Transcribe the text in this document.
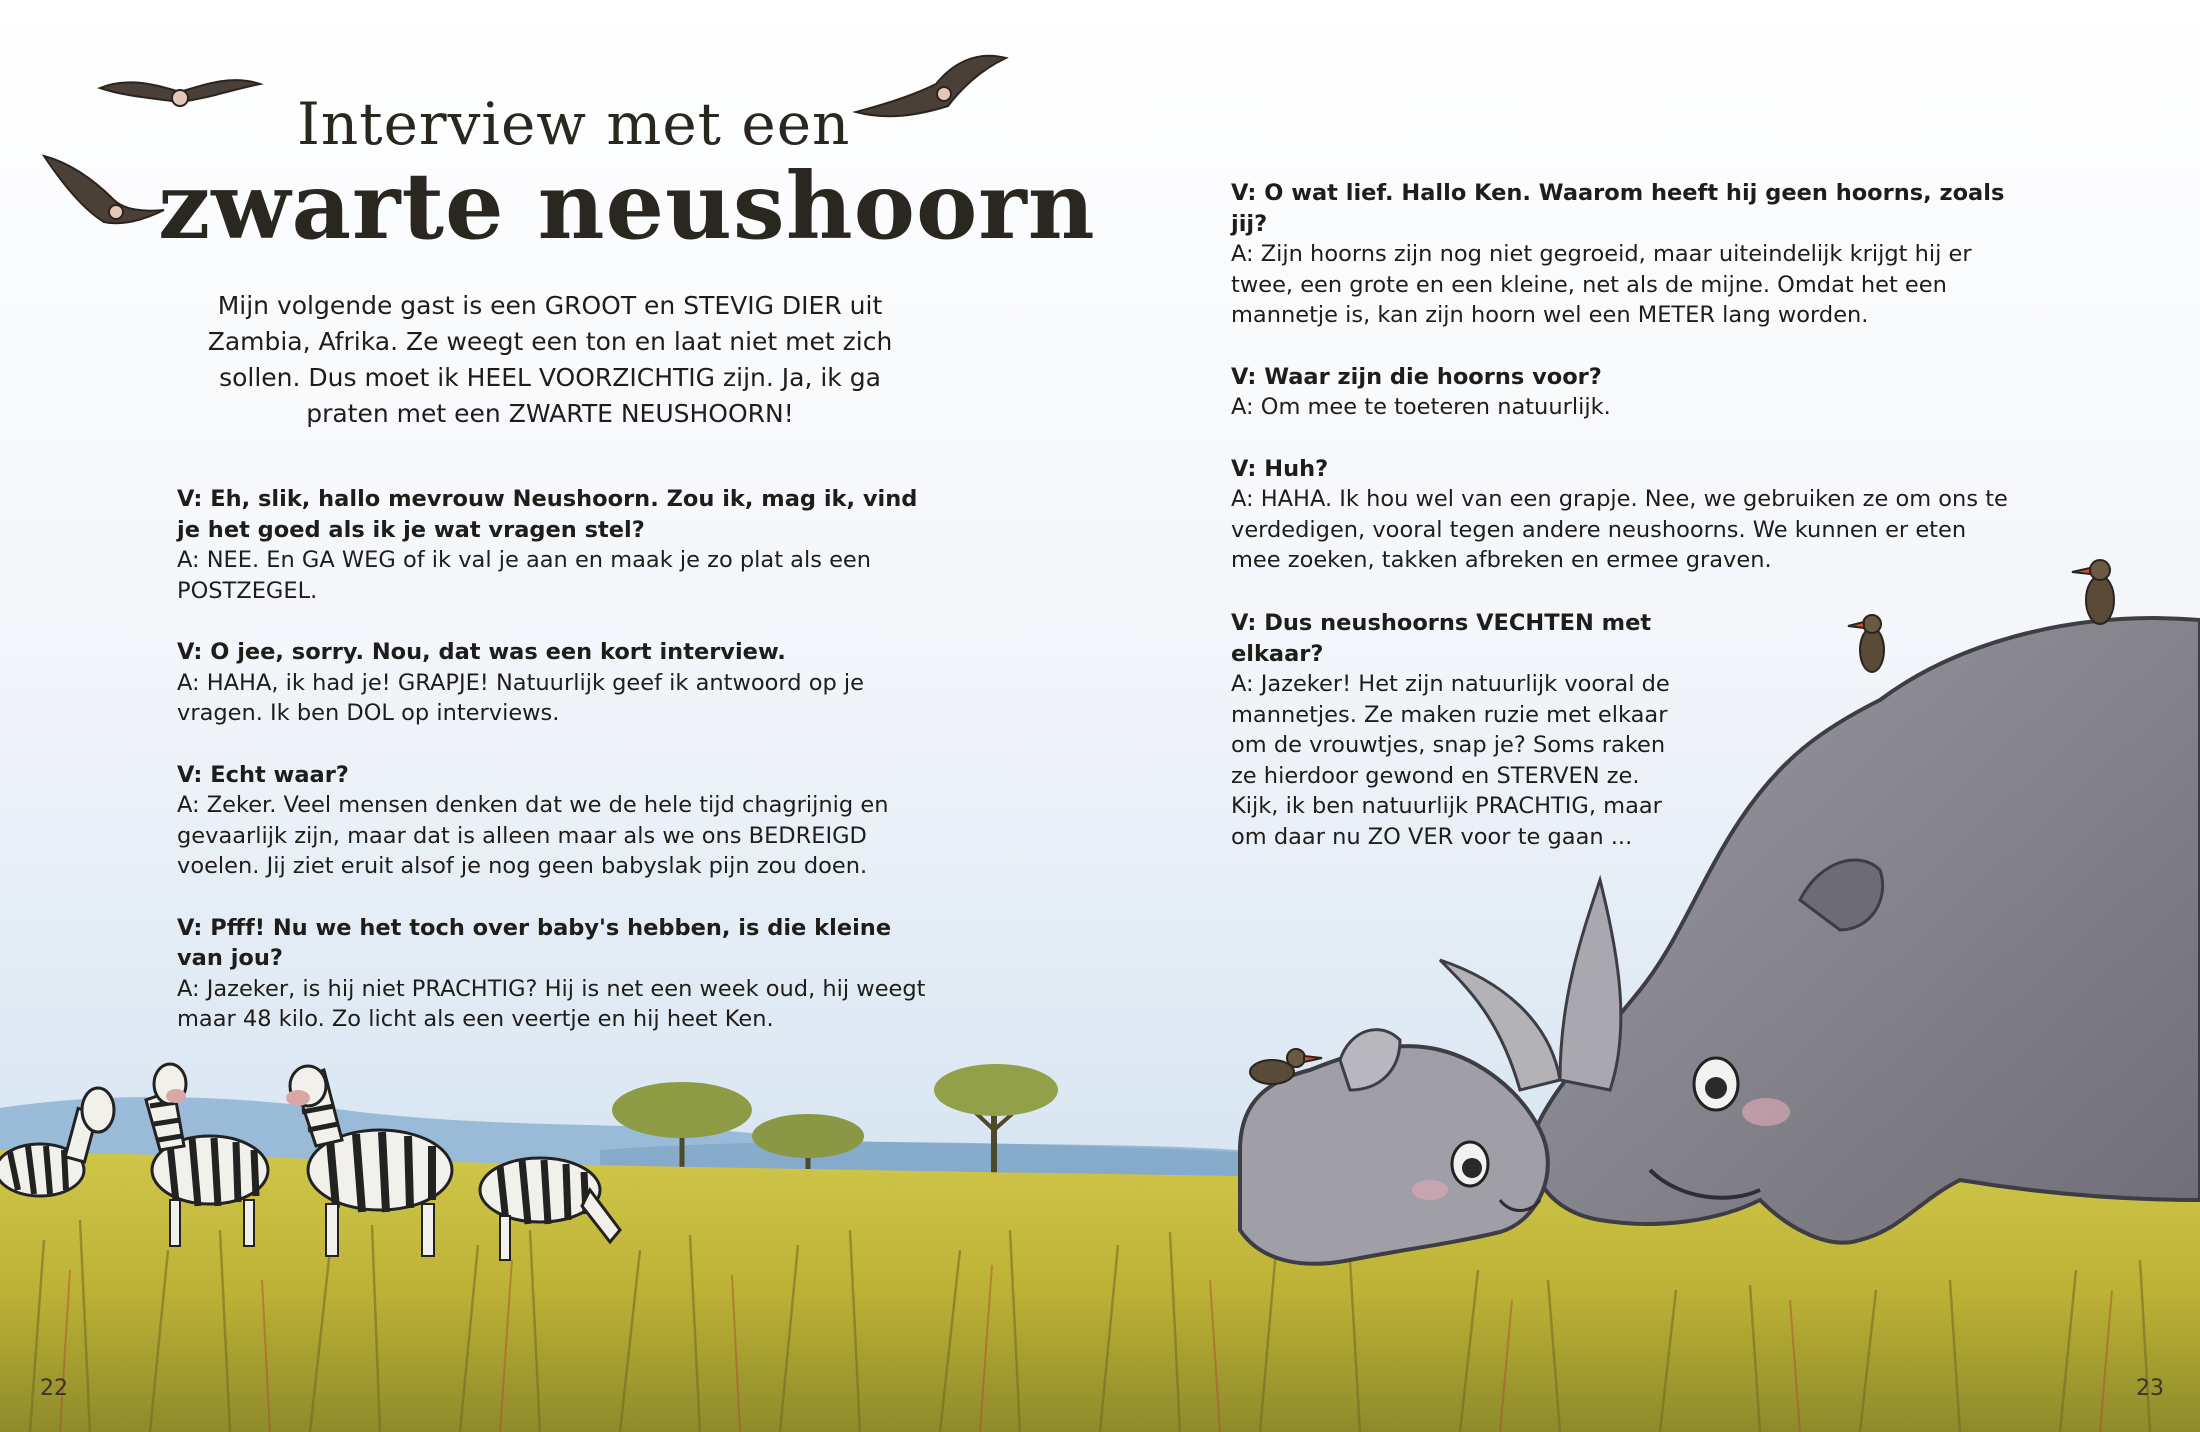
Interview met een
zwarte neushoorn
Mijn volgende gast is een GROOT en STEVIG DIER uit Zambia, Afrika. Ze weegt een ton en laat niet met zich sollen. Dus moet ik HEEL VOORZICHTIG zijn. Ja, ik ga praten met een ZWARTE NEUSHOORN!
V: Eh, slik, hallo mevrouw Neushoorn. Zou ik, mag ik, vind je het goed als ik je wat vragen stel?
A: NEE. En GA WEG of ik val je aan en maak je zo plat als een POSTZEGEL.
V: O jee, sorry. Nou, dat was een kort interview.
A: HAHA, ik had je! GRAPJE! Natuurlijk geef ik antwoord op je vragen. Ik ben DOL op interviews.
V: Echt waar?
A: Zeker. Veel mensen denken dat we de hele tijd chagrijnig en gevaarlijk zijn, maar dat is alleen maar als we ons BEDREIGD voelen. Jij ziet eruit alsof je nog geen babyslak pijn zou doen.
V: Pfff! Nu we het toch over baby's hebben, is die kleine van jou?
A: Jazeker, is hij niet PRACHTIG? Hij is net een week oud, hij weegt maar 48 kilo. Zo licht als een veertje en hij heet Ken.
V: O wat lief. Hallo Ken. Waarom heeft hij geen hoorns, zoals jij?
A: Zijn hoorns zijn nog niet gegroeid, maar uiteindelijk krijgt hij er twee, een grote en een kleine, net als de mijne. Omdat het een mannetje is, kan zijn hoorn wel een METER lang worden.
V: Waar zijn die hoorns voor?
A: Om mee te toeteren natuurlijk.
V: Huh?
A: HAHA. Ik hou wel van een grapje. Nee, we gebruiken ze om ons te verdedigen, vooral tegen andere neushoorns. We kunnen er eten mee zoeken, takken afbreken en ermee graven.
V: Dus neushoorns VECHTEN met elkaar?
A: Jazeker! Het zijn natuurlijk vooral de mannetjes. Ze maken ruzie met elkaar om de vrouwtjes, snap je? Soms raken ze hierdoor gewond en STERVEN ze. Kijk, ik ben natuurlijk PRACHTIG, maar om daar nu ZO VER voor te gaan ...
22	23
